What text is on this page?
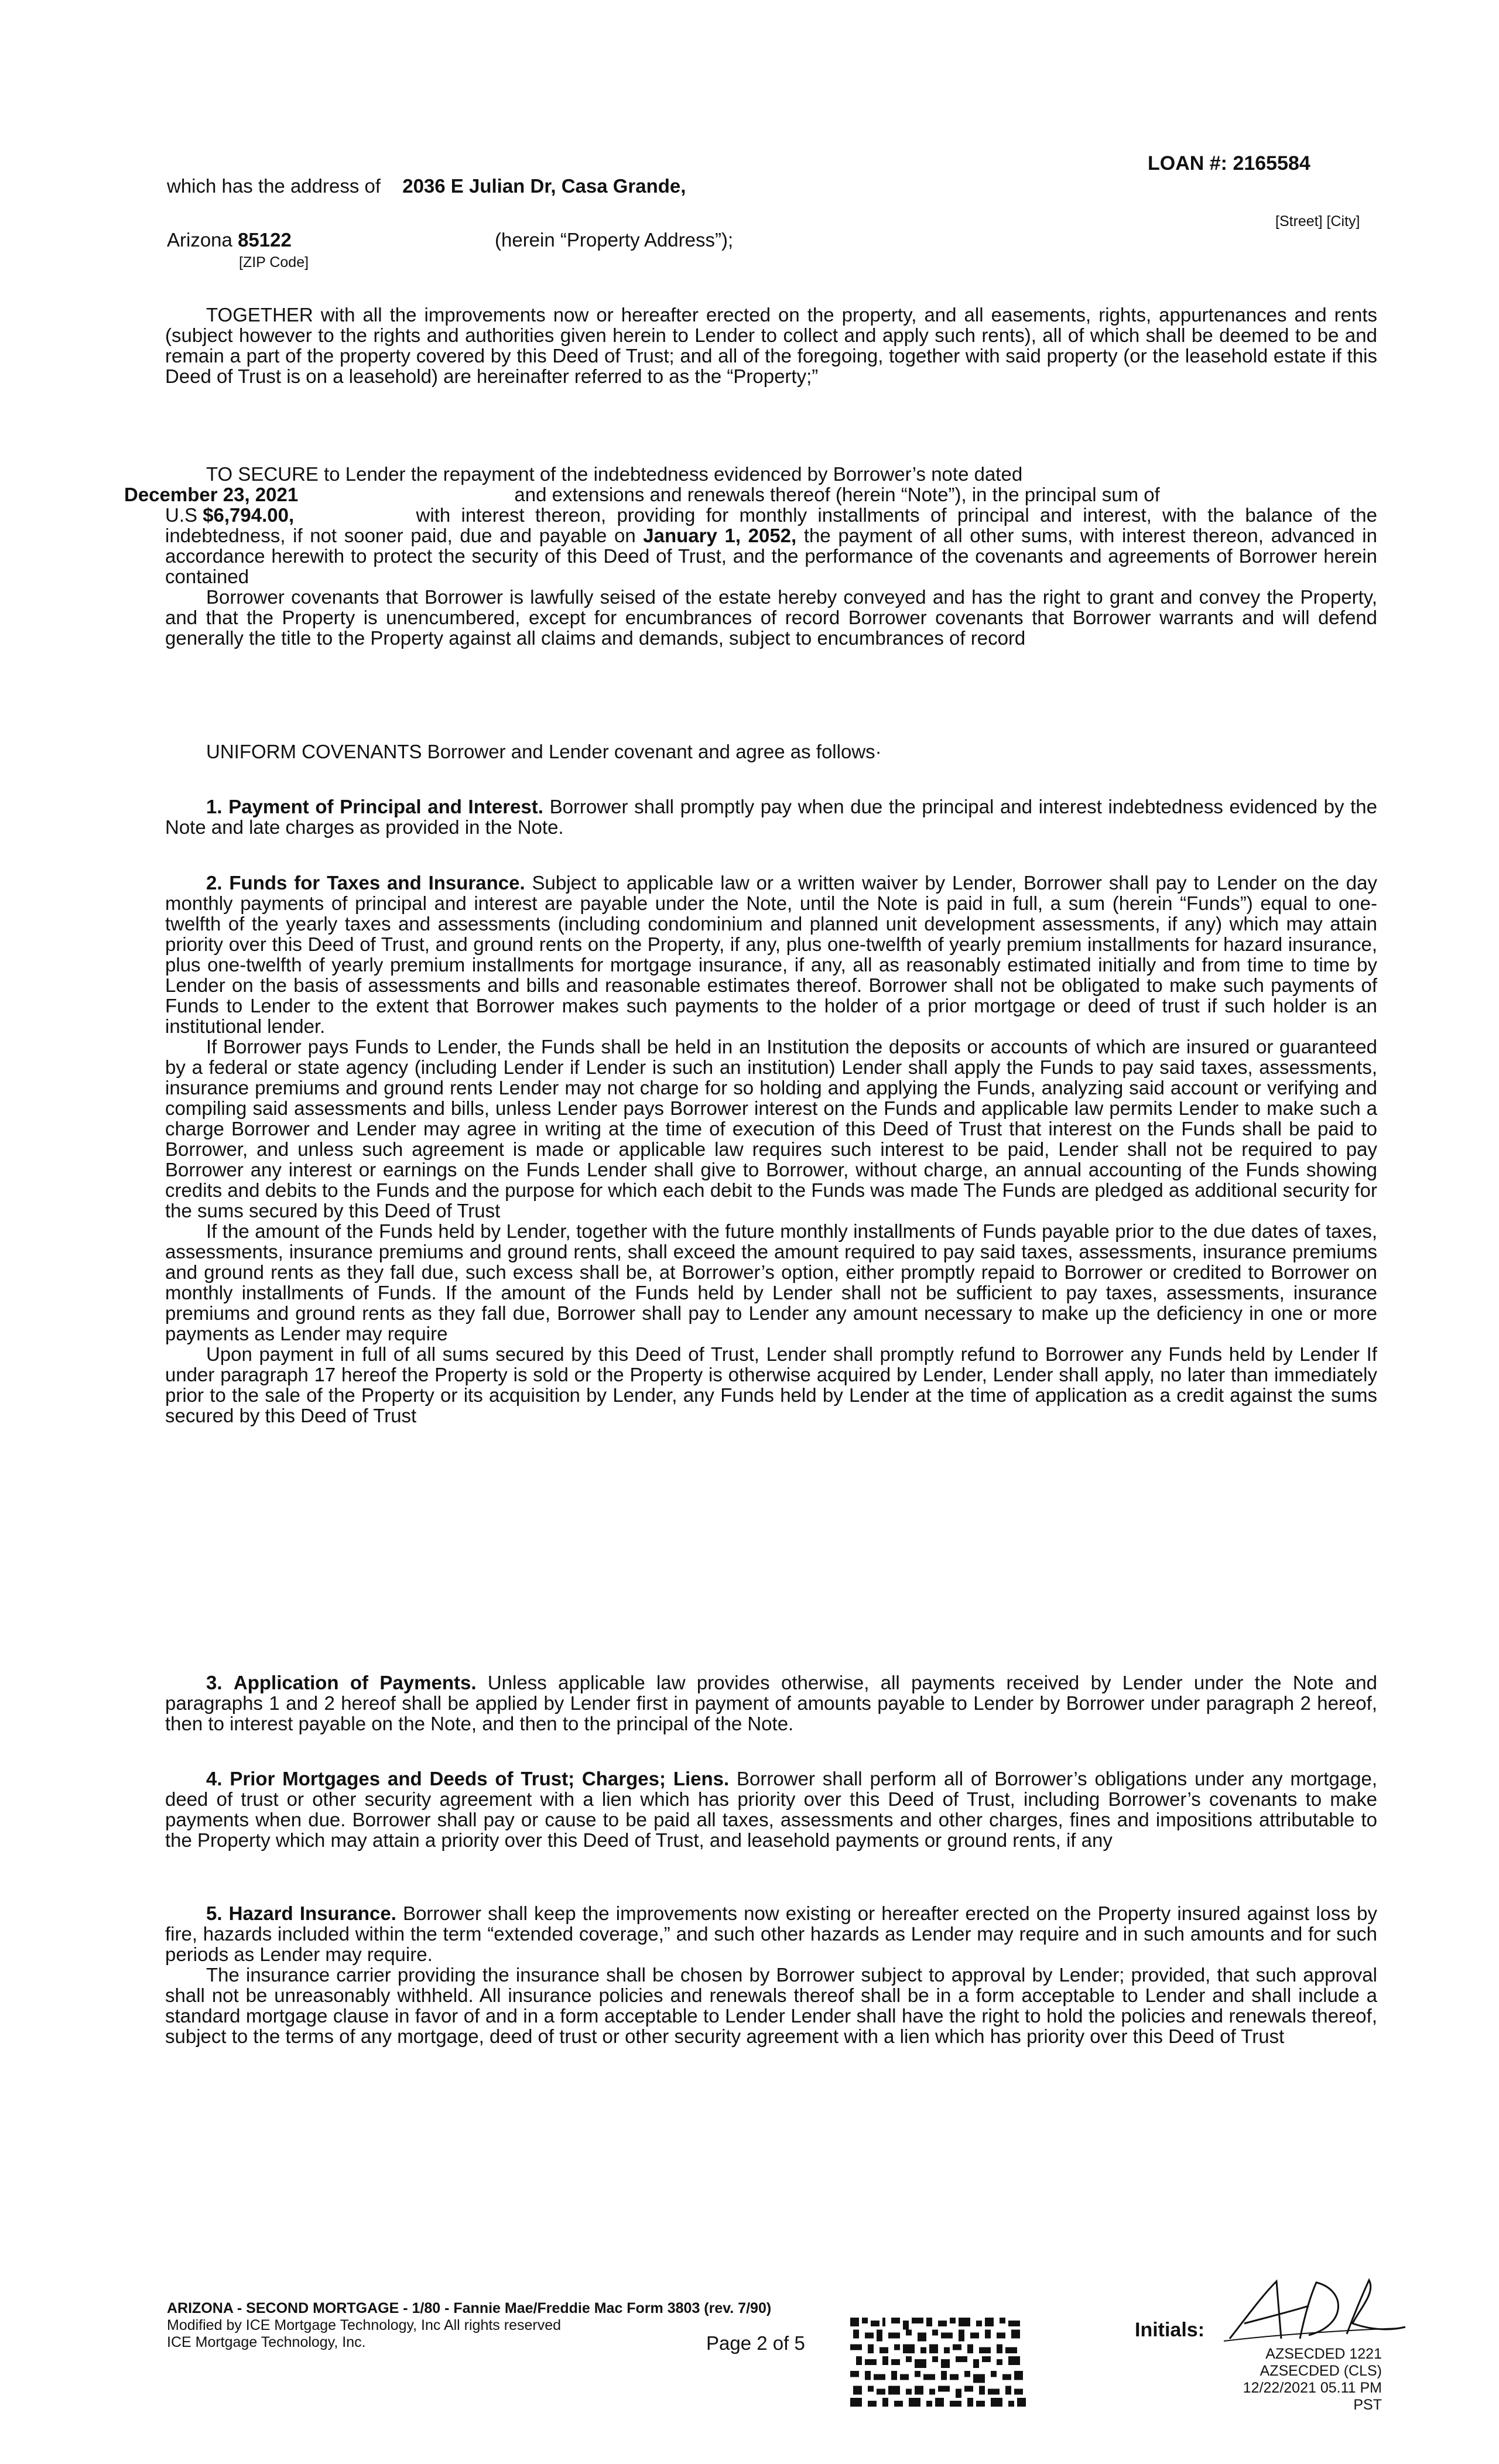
LOAN #: 2165584
which has the address of 2036 E Julian Dr, Casa Grande,
[Street] [City]
Arizona 85122	(herein “Property Address”);
[ZIP Code]

TOGETHER with all the improvements now or hereafter erected on the property, and all easements, rights, appurtenances and rents (subject however to the rights and authorities given herein to Lender to collect and apply such rents), all of which shall be deemed to be and remain a part of the property covered by this Deed of Trust; and all of the foregoing, together with said property (or the leasehold estate if this Deed of Trust is on a leasehold) are hereinafter referred to as the “Property;”

TO SECURE to Lender the repayment of the indebtedness evidenced by Borrower’s note dated
December 23, 2021	and extensions and renewals thereof (herein “Note”), in the principal sum of
U.S $6,794.00,	with interest thereon, providing for monthly installments of principal and interest, with the balance of the indebtedness, if not sooner paid, due and payable on January 1, 2052, the payment of all other sums, with interest thereon, advanced in accordance herewith to protect the security of this Deed of Trust, and the performance of the covenants and agreements of Borrower herein contained

Borrower covenants that Borrower is lawfully seised of the estate hereby conveyed and has the right to grant and convey the Property, and that the Property is unencumbered, except for encumbrances of record Borrower covenants that Borrower warrants and will defend generally the title to the Property against all claims and demands, subject to encumbrances of record

UNIFORM COVENANTS Borrower and Lender covenant and agree as follows·

1. Payment of Principal and Interest. Borrower shall promptly pay when due the principal and interest indebtedness evidenced by the Note and late charges as provided in the Note.

2. Funds for Taxes and Insurance. Subject to applicable law or a written waiver by Lender, Borrower shall pay to Lender on the day monthly payments of principal and interest are payable under the Note, until the Note is paid in full, a sum (herein “Funds”) equal to one-twelfth of the yearly taxes and assessments (including condominium and planned unit development assessments, if any) which may attain priority over this Deed of Trust, and ground rents on the Property, if any, plus one-twelfth of yearly premium installments for hazard insurance, plus one-twelfth of yearly premium installments for mortgage insurance, if any, all as reasonably estimated initially and from time to time by Lender on the basis of assessments and bills and reasonable estimates thereof. Borrower shall not be obligated to make such payments of Funds to Lender to the extent that Borrower makes such payments to the holder of a prior mortgage or deed of trust if such holder is an institutional lender.

If Borrower pays Funds to Lender, the Funds shall be held in an Institution the deposits or accounts of which are insured or guaranteed by a federal or state agency (including Lender if Lender is such an institution) Lender shall apply the Funds to pay said taxes, assessments, insurance premiums and ground rents Lender may not charge for so holding and applying the Funds, analyzing said account or verifying and compiling said assessments and bills, unless Lender pays Borrower interest on the Funds and applicable law permits Lender to make such a charge Borrower and Lender may agree in writing at the time of execution of this Deed of Trust that interest on the Funds shall be paid to Borrower, and unless such agreement is made or applicable law requires such interest to be paid, Lender shall not be required to pay Borrower any interest or earnings on the Funds Lender shall give to Borrower, without charge, an annual accounting of the Funds showing credits and debits to the Funds and the purpose for which each debit to the Funds was made The Funds are pledged as additional security for the sums secured by this Deed of Trust

If the amount of the Funds held by Lender, together with the future monthly installments of Funds payable prior to the due dates of taxes, assessments, insurance premiums and ground rents, shall exceed the amount required to pay said taxes, assessments, insurance premiums and ground rents as they fall due, such excess shall be, at Borrower’s option, either promptly repaid to Borrower or credited to Borrower on monthly installments of Funds. If the amount of the Funds held by Lender shall not be sufficient to pay taxes, assessments, insurance premiums and ground rents as they fall due, Borrower shall pay to Lender any amount necessary to make up the deficiency in one or more payments as Lender may require

Upon payment in full of all sums secured by this Deed of Trust, Lender shall promptly refund to Borrower any Funds held by Lender If under paragraph 17 hereof the Property is sold or the Property is otherwise acquired by Lender, Lender shall apply, no later than immediately prior to the sale of the Property or its acquisition by Lender, any Funds held by Lender at the time of application as a credit against the sums secured by this Deed of Trust

3. Application of Payments. Unless applicable law provides otherwise, all payments received by Lender under the Note and paragraphs 1 and 2 hereof shall be applied by Lender first in payment of amounts payable to Lender by Borrower under paragraph 2 hereof, then to interest payable on the Note, and then to the principal of the Note.

4. Prior Mortgages and Deeds of Trust; Charges; Liens. Borrower shall perform all of Borrower’s obligations under any mortgage, deed of trust or other security agreement with a lien which has priority over this Deed of Trust, including Borrower’s covenants to make payments when due. Borrower shall pay or cause to be paid all taxes, assessments and other charges, fines and impositions attributable to the Property which may attain a priority over this Deed of Trust, and leasehold payments or ground rents, if any

5. Hazard Insurance. Borrower shall keep the improvements now existing or hereafter erected on the Property insured against loss by fire, hazards included within the term “extended coverage,” and such other hazards as Lender may require and in such amounts and for such periods as Lender may require.

The insurance carrier providing the insurance shall be chosen by Borrower subject to approval by Lender; provided, that such approval shall not be unreasonably withheld. All insurance policies and renewals thereof shall be in a form acceptable to Lender and shall include a standard mortgage clause in favor of and in a form acceptable to Lender Lender shall have the right to hold the policies and renewals thereof, subject to the terms of any mortgage, deed of trust or other security agreement with a lien which has priority over this Deed of Trust

ARIZONA - SECOND MORTGAGE - 1/80 - Fannie Mae/Freddie Mac Form 3803 (rev. 7/90)
Modified by ICE Mortgage Technology, Inc All rights reserved
ICE Mortgage Technology, Inc.	Page 2 of 5
Initials:
AZSECDED 1221
AZSECDED (CLS)
12/22/2021 05.11 PM PST
